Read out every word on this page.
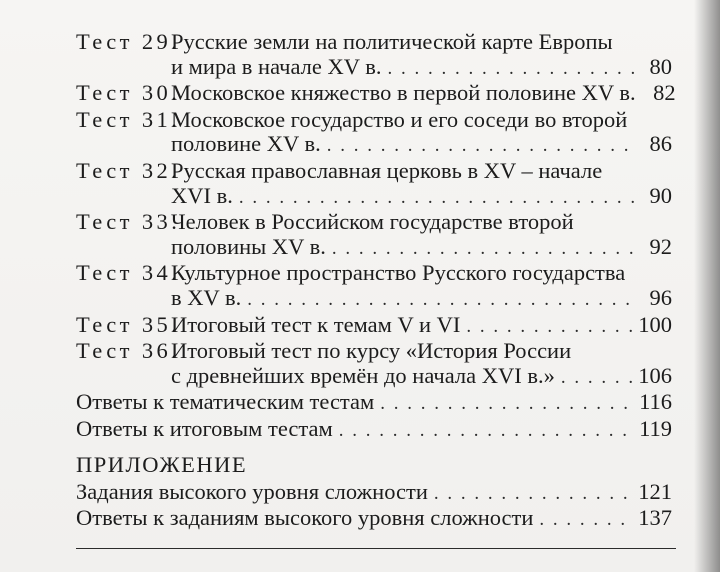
Тест 29.
Русские земли на политической карте Европы
и мира в начале XV в. . . .	80
Тест 30.
Московское княжество в первой половине XV в. 82
Тест 31.
Московское государство и его соседи во второй
половине XV в. . . .	86
Тест 32.
Русская православная церковь в XV – начале
XVI в. . . .	90
Тест 33.
Человек в Российском государстве второй
половины XV в. . . .	92
Тест 34.
Культурное пространство Русского государства
в XV в. . . .	96
Тест 35.
Итоговый тест к темам V и VI . . .	100
Тест 36.
Итоговый тест по курсу «История России
с древнейших времён до начала XVI в.» . . .	106
Ответы к тематическим тестам . . .	116
Ответы к итоговым тестам . . .	119
ПРИЛОЖЕНИЕ
Задания высокого уровня сложности . . .	121
Ответы к заданиям высокого уровня сложности . . .	137
